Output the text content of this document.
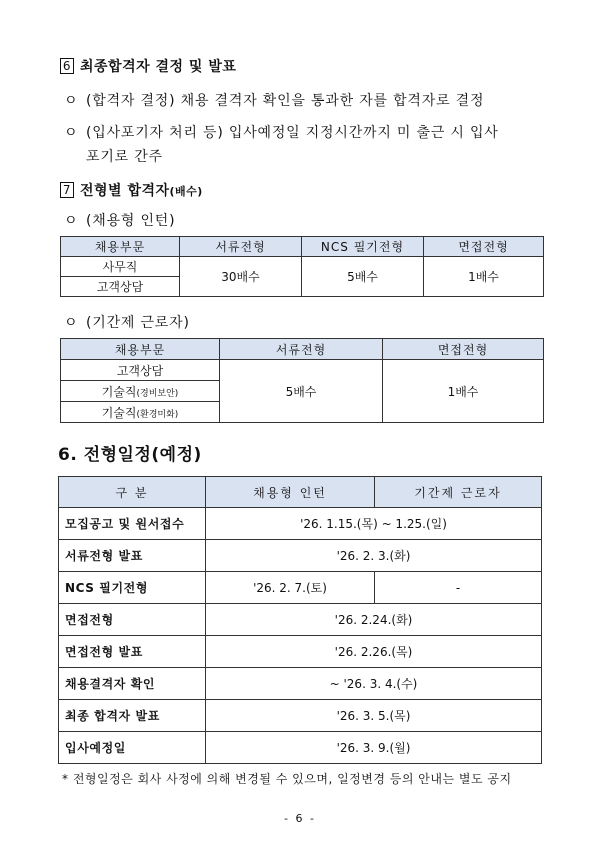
6 최종합격자 결정 및 발표
ㅇ (합격자 결정) 채용 결격자 확인을 통과한 자를 합격자로 결정
ㅇ (입사포기자 처리 등) 입사예정일 지정시간까지 미 출근 시 입사
포기로 간주
7 전형별 합격자(배수)
ㅇ (채용형 인턴)
채용부문	서류전형	NCS 필기전형	면접전형
사무직	30배수	5배수	1배수
고객상담			
ㅇ (기간제 근로자)
채용부문	서류전형	면접전형
고객상담	5배수	1배수
기술직(경비보안)		
기술직(환경미화)		
6. 전형일정(예정)
구 분	채용형 인턴	기간제 근로자
모집공고 및 원서접수	'26. 1.15.(목) ~ 1.25.(일)	
서류전형 발표	'26. 2. 3.(화)	
NCS 필기전형	'26. 2. 7.(토)	-
면접전형	'26. 2.24.(화)	
면접전형 발표	'26. 2.26.(목)	
채용결격자 확인	~ '26. 3. 4.(수)	
최종 합격자 발표	'26. 3. 5.(목)	
입사예정일	'26. 3. 9.(월)	
* 전형일정은 회사 사정에 의해 변경될 수 있으며, 일정변경 등의 안내는 별도 공지
- 6 -
